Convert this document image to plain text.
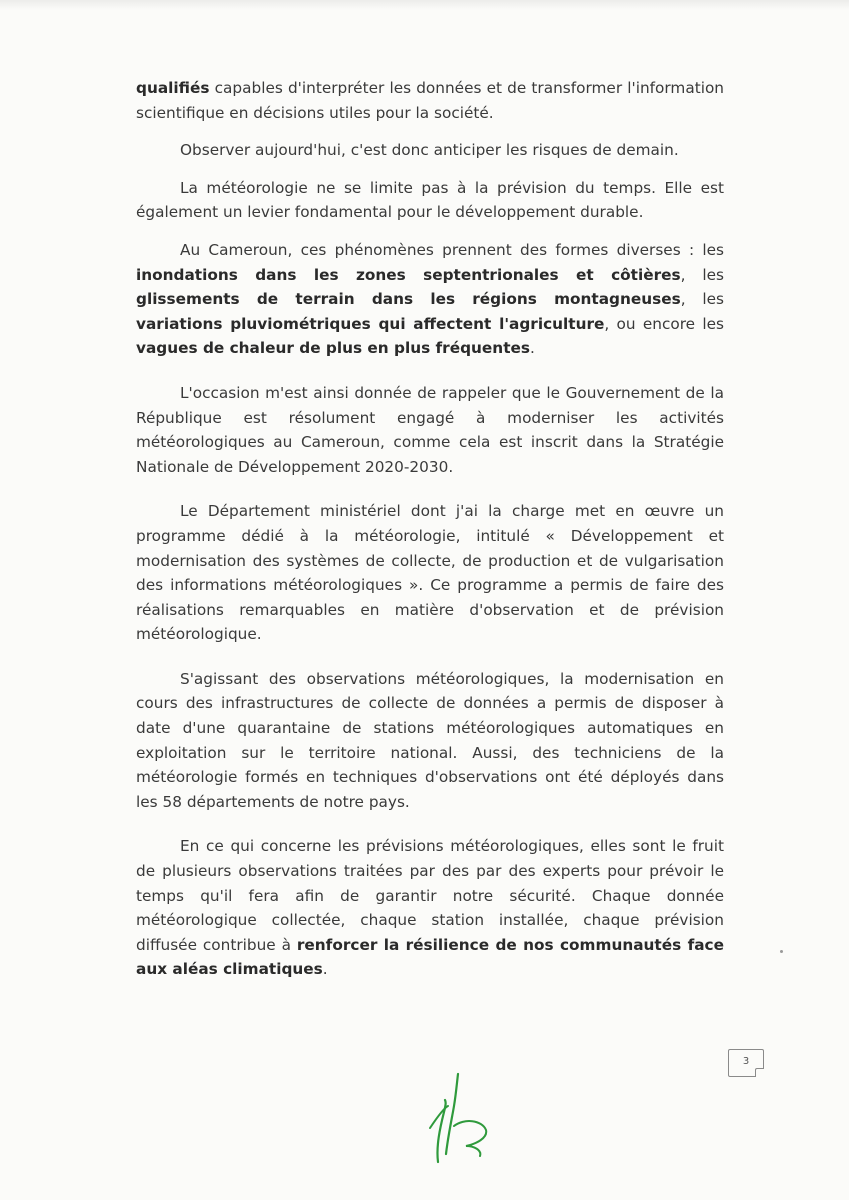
qualifiés capables d'interpréter les données et de transformer l'information scientifique en décisions utiles pour la société.

Observer aujourd'hui, c'est donc anticiper les risques de demain.

La météorologie ne se limite pas à la prévision du temps. Elle est également un levier fondamental pour le développement durable.

Au Cameroun, ces phénomènes prennent des formes diverses : les inondations dans les zones septentrionales et côtières, les glissements de terrain dans les régions montagneuses, les variations pluviométriques qui affectent l'agriculture, ou encore les vagues de chaleur de plus en plus fréquentes.

L'occasion m'est ainsi donnée de rappeler que le Gouvernement de la République est résolument engagé à moderniser les activités météorologiques au Cameroun, comme cela est inscrit dans la Stratégie Nationale de Développement 2020-2030.

Le Département ministériel dont j'ai la charge met en œuvre un programme dédié à la météorologie, intitulé « Développement et modernisation des systèmes de collecte, de production et de vulgarisation des informations météorologiques ». Ce programme a permis de faire des réalisations remarquables en matière d'observation et de prévision météorologique.

S'agissant des observations météorologiques, la modernisation en cours des infrastructures de collecte de données a permis de disposer à date d'une quarantaine de stations météorologiques automatiques en exploitation sur le territoire national. Aussi, des techniciens de la météorologie formés en techniques d'observations ont été déployés dans les 58 départements de notre pays.

En ce qui concerne les prévisions météorologiques, elles sont le fruit de plusieurs observations traitées par des par des experts pour prévoir le temps qu'il fera afin de garantir notre sécurité. Chaque donnée météorologique collectée, chaque station installée, chaque prévision diffusée contribue à renforcer la résilience de nos communautés face aux aléas climatiques.

3
